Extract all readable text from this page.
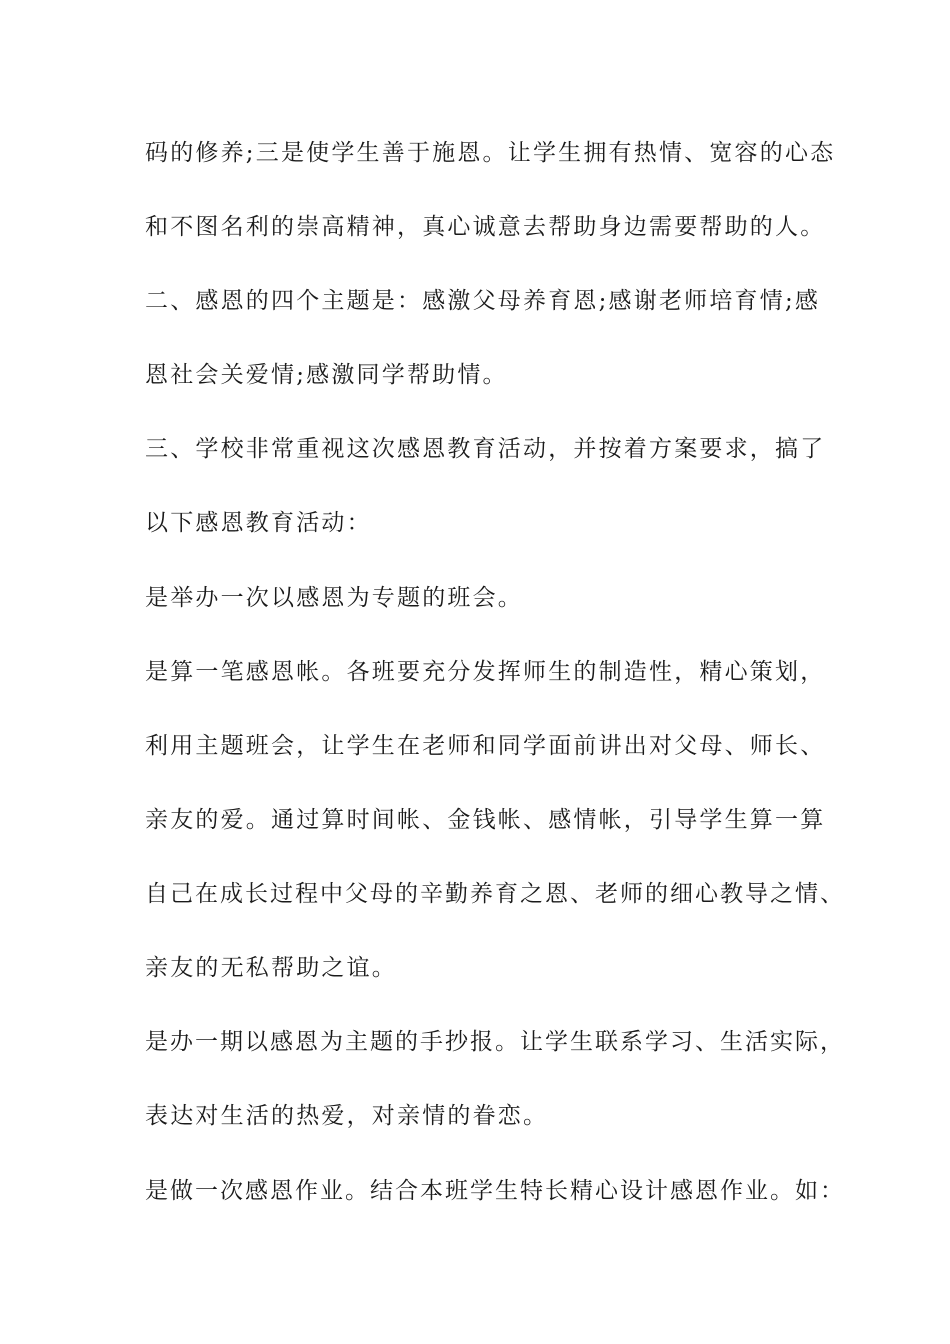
码的修养;三是使学生善于施恩。让学生拥有热情、宽容的心态
和不图名利的崇高精神，真心诚意去帮助身边需要帮助的人。
二、感恩的四个主题是：感激父母养育恩;感谢老师培育情;感
恩社会关爱情;感激同学帮助情。
三、学校非常重视这次感恩教育活动，并按着方案要求，搞了
以下感恩教育活动：
是举办一次以感恩为专题的班会。
是算一笔感恩帐。各班要充分发挥师生的制造性，精心策划，
利用主题班会，让学生在老师和同学面前讲出对父母、师长、
亲友的爱。通过算时间帐、金钱帐、感情帐，引导学生算一算
自己在成长过程中父母的辛勤养育之恩、老师的细心教导之情、
亲友的无私帮助之谊。
是办一期以感恩为主题的手抄报。让学生联系学习、生活实际，
表达对生活的热爱，对亲情的眷恋。
是做一次感恩作业。结合本班学生特长精心设计感恩作业。如：
